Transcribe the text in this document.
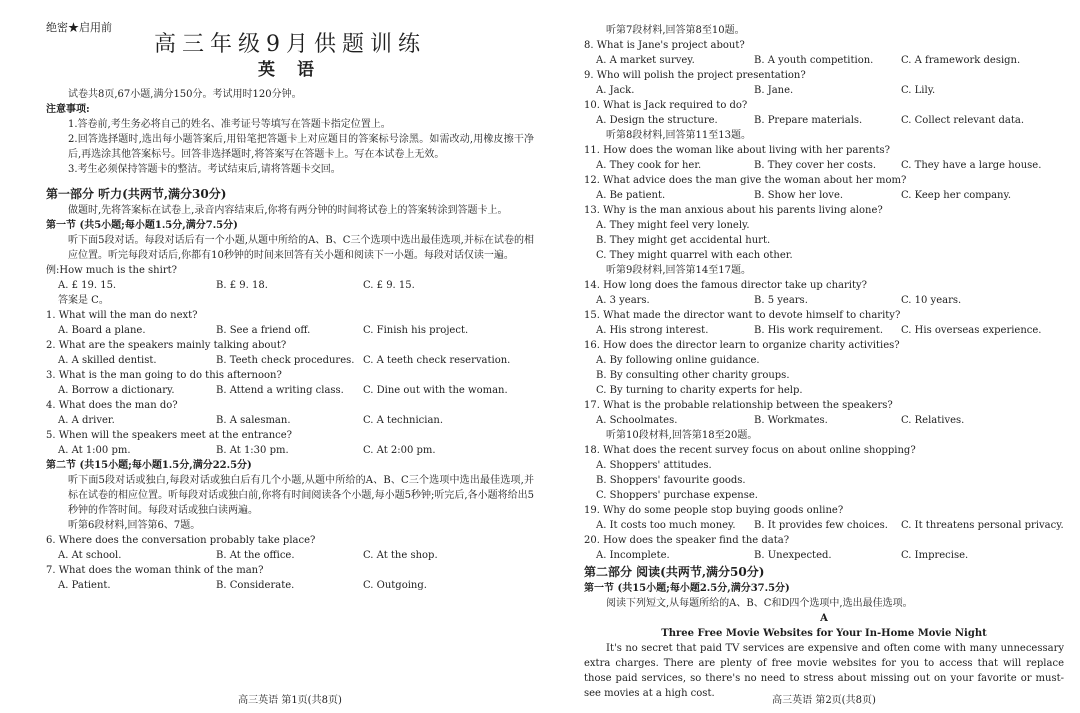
绝密★启用前
高三年级9月供题训练
英 语
试卷共8页,67小题,满分150分。考试用时120分钟。
注意事项:
1.答卷前,考生务必将自己的姓名、准考证号等填写在答题卡指定位置上。
2.回答选择题时,选出每小题答案后,用铅笔把答题卡上对应题目的答案标号涂黑。如需改动,用橡皮擦干净后,再选涂其他答案标号。回答非选择题时,将答案写在答题卡上。写在本试卷上无效。
3.考生必须保持答题卡的整洁。考试结束后,请将答题卡交回。
第一部分 听力(共两节,满分30分)
做题时,先将答案标在试卷上,录音内容结束后,你将有两分钟的时间将试卷上的答案转涂到答题卡上。
第一节 (共5小题;每小题1.5分,满分7.5分)
听下面5段对话。每段对话后有一个小题,从题中所给的A、B、C三个选项中选出最佳选项,并标在试卷的相应位置。听完每段对话后,你都有10秒钟的时间来回答有关小题和阅读下一小题。每段对话仅读一遍。
例:How much is the shirt?
A. £ 19. 15.	B. £ 9. 18.	C. £ 9. 15.
答案是 C。
1. What will the man do next?
A. Board a plane.	B. See a friend off.	C. Finish his project.
2. What are the speakers mainly talking about?
A. A skilled dentist.	B. Teeth check procedures. C. A teeth check reservation.
3. What is the man going to do this afternoon?
A. Borrow a dictionary.	B. Attend a writing class.	C. Dine out with the woman.
4. What does the man do?
A. A driver.	B. A salesman.	C. A technician.
5. When will the speakers meet at the entrance?
A. At 1:00 pm.	B. At 1:30 pm.	C. At 2:00 pm.
第二节 (共15小题;每小题1.5分,满分22.5分)
听下面5段对话或独白,每段对话或独白后有几个小题,从题中所给的A、B、C三个选项中选出最佳选项,并标在试卷的相应位置。听每段对话或独白前,你将有时间阅读各个小题,每小题5秒钟;听完后,各小题将给出5秒钟的作答时间。每段对话或独白读两遍。
听第6段材料,回答第6、7题。
6. Where does the conversation probably take place?
A. At school.	B. At the office.	C. At the shop.
7. What does the woman think of the man?
A. Patient.	B. Considerate.	C. Outgoing.
高三英语 第1页(共8页)
听第7段材料,回答第8至10题。
8. What is Jane's project about?
A. A market survey.	B. A youth competition.	C. A framework design.
9. Who will polish the project presentation?
A. Jack.	B. Jane.	C. Lily.
10. What is Jack required to do?
A. Design the structure.	B. Prepare materials.	C. Collect relevant data.
听第8段材料,回答第11至13题。
11. How does the woman like about living with her parents?
A. They cook for her.	B. They cover her costs.	C. They have a large house.
12. What advice does the man give the woman about her mom?
A. Be patient.	B. Show her love.	C. Keep her company.
13. Why is the man anxious about his parents living alone?
A. They might feel very lonely.
B. They might get accidental hurt.
C. They might quarrel with each other.
听第9段材料,回答第14至17题。
14. How long does the famous director take up charity?
A. 3 years.	B. 5 years.	C. 10 years.
15. What made the director want to devote himself to charity?
A. His strong interest.	B. His work requirement.	C. His overseas experience.
16. How does the director learn to organize charity activities?
A. By following online guidance.
B. By consulting other charity groups.
C. By turning to charity experts for help.
17. What is the probable relationship between the speakers?
A. Schoolmates.	B. Workmates.	C. Relatives.
听第10段材料,回答第18至20题。
18. What does the recent survey focus on about online shopping?
A. Shoppers' attitudes.
B. Shoppers' favourite goods.
C. Shoppers' purchase expense.
19. Why do some people stop buying goods online?
A. It costs too much money.	B. It provides few choices.	C. It threatens personal privacy.
20. How does the speaker find the data?
A. Incomplete.	B. Unexpected.	C. Imprecise.
第二部分 阅读(共两节,满分50分)
第一节 (共15小题;每小题2.5分,满分37.5分)
阅读下列短文,从每题所给的A、B、C和D四个选项中,选出最佳选项。
A
Three Free Movie Websites for Your In-Home Movie Night
It's no secret that paid TV services are expensive and often come with many unnecessary extra charges. There are plenty of free movie websites for you to access that will replace those paid services, so there's no need to stress about missing out on your favorite or must-see movies at a high cost.
高三英语 第2页(共8页)
